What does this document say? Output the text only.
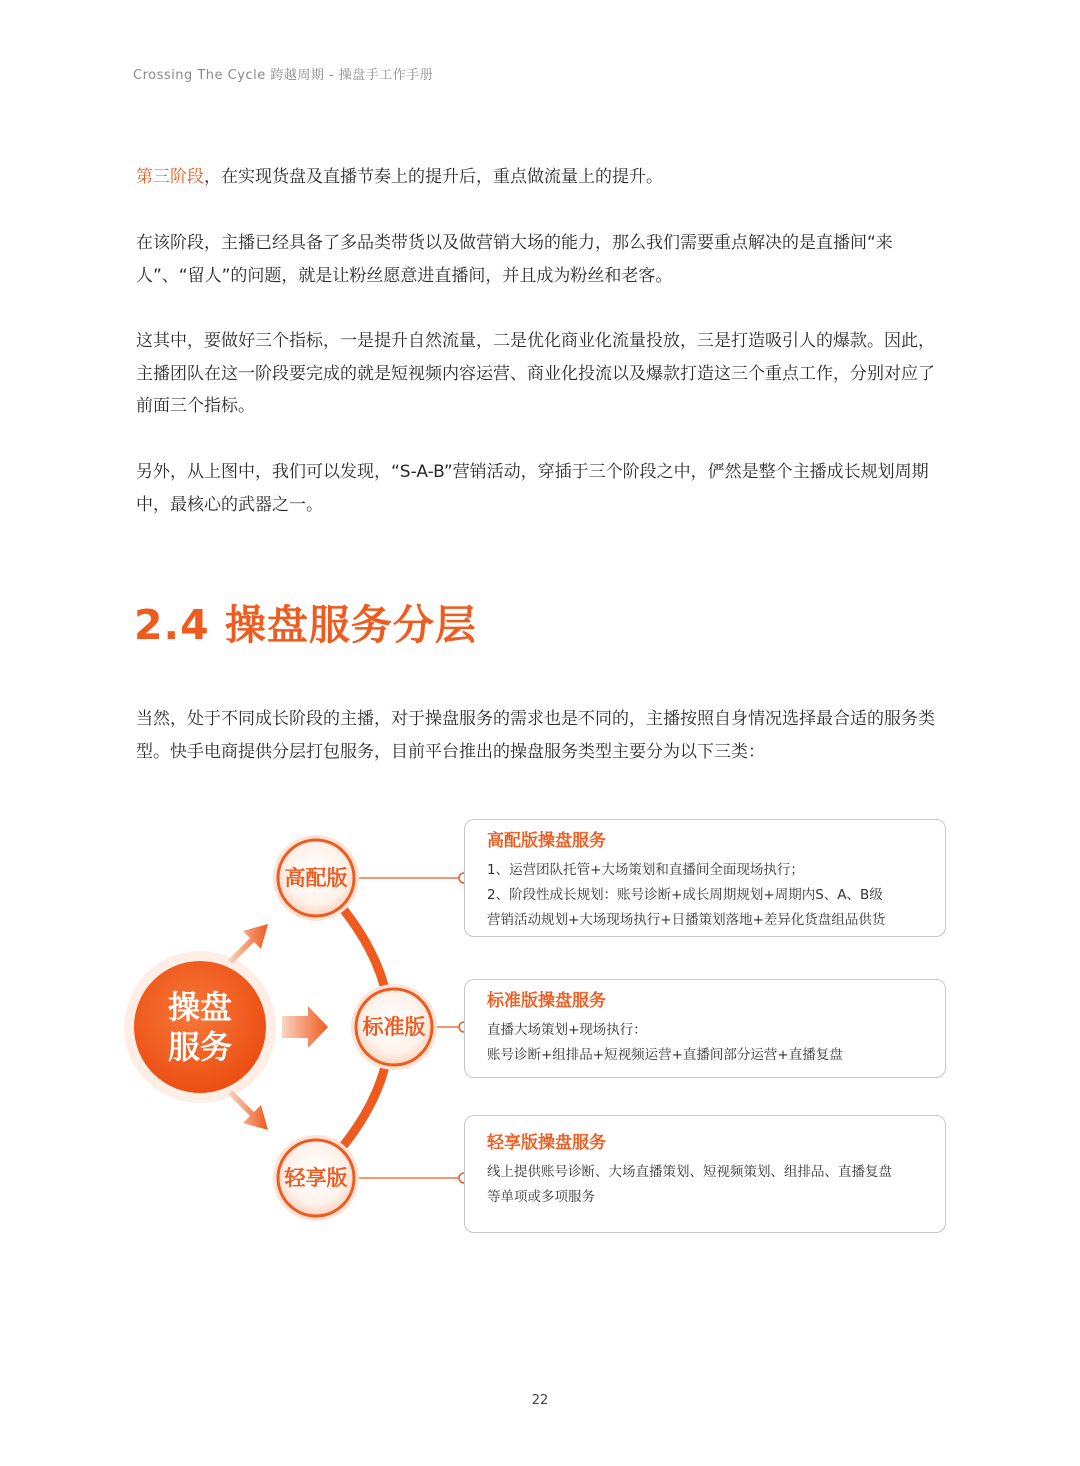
Crossing The Cycle 跨越周期 - 操盘手工作手册

第三阶段，在实现货盘及直播节奏上的提升后，重点做流量上的提升。

在该阶段，主播已经具备了多品类带货以及做营销大场的能力，那么我们需要重点解决的是直播间“来人”、“留人”的问题，就是让粉丝愿意进直播间，并且成为粉丝和老客。

这其中，要做好三个指标，一是提升自然流量，二是优化商业化流量投放，三是打造吸引人的爆款。因此，主播团队在这一阶段要完成的就是短视频内容运营、商业化投流以及爆款打造这三个重点工作，分别对应了前面三个指标。

另外，从上图中，我们可以发现，“S-A-B”营销活动，穿插于三个阶段之中，俨然是整个主播成长规划周期中，最核心的武器之一。

2.4 操盘服务分层

当然，处于不同成长阶段的主播，对于操盘服务的需求也是不同的，主播按照自身情况选择最合适的服务类型。快手电商提供分层打包服务，目前平台推出的操盘服务类型主要分为以下三类：

操盘
服务
高配版
标准版
轻享版

高配版操盘服务

1、运营团队托管+大场策划和直播间全面现场执行；

2、阶段性成长规划：账号诊断+成长周期规划+周期内S、A、B级

营销活动规划+大场现场执行+日播策划落地+差异化货盘组品供货

标准版操盘服务

直播大场策划+现场执行：

账号诊断+组排品+短视频运营+直播间部分运营+直播复盘

轻享版操盘服务

线上提供账号诊断、大场直播策划、短视频策划、组排品、直播复盘

等单项或多项服务

22
